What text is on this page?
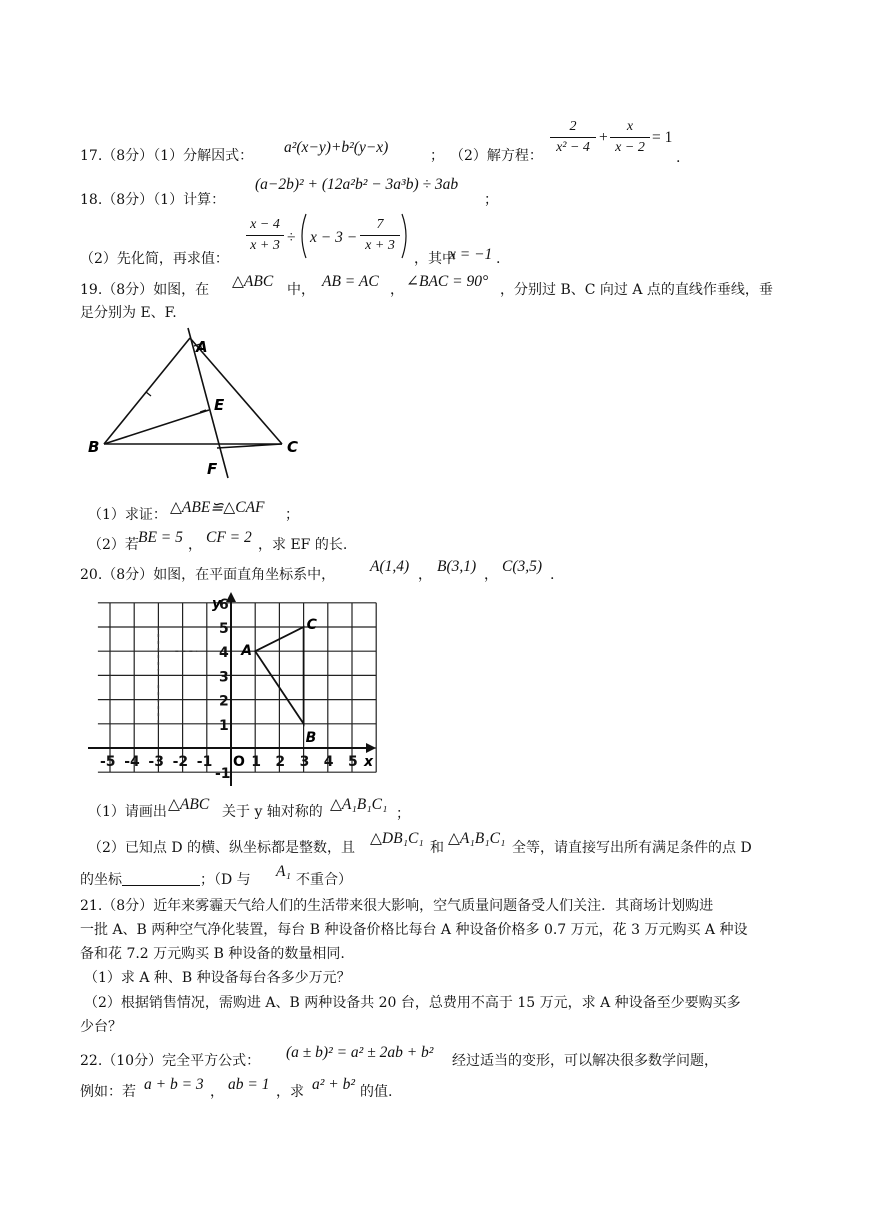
17.（8分）（1）分解因式： a²(x−y)+b²(y−x)	； （2）解方程：
2
x² − 4
+
x
x − 2
= 1
.
18.（8分）（1）计算：
(a−2b)² + (12a²b² − 3a³b) ÷ 3ab
；
（2）先化简，再求值：
x − 4
x + 3 ÷ x − 3 −
7
x + 3
，其中
x = −1 .
19.（8分）如图，在 △ABC 中， AB = AC ， ∠BAC = 90° ，分别过 B、C 向过 A 点的直线作垂线，垂
足分别为 E、F.
A
B	C
E
F
（1）求证： △ABE≌△CAF ；
（2）若 BE = 5 ， CF = 2 ，求 EF 的长.
20.（8分）如图，在平面直角坐标系中， A(1,4) ， B(3,1) ， C(3,5) .
-5 -4 -3 -2 -1	1 2 3 4 5
-1
1
2
3
4
5
6
x
y
O
A
B
C
（1）请画出 △ABC 关于 y 轴对称的 △A₁B₁C₁
；
（2）已知点 D 的横、纵坐标都是整数，且
△DB₁C₁
和
△A₁B₁C₁
全等，请直接写出所有满足条件的点 D
的坐标	；（D 与 A₁ 不重合）
21.（8分）近年来雾霾天气给人们的生活带来很大影响，空气质量问题备受人们关注．其商场计划购进
一批 A、B 两种空气净化装置，每台 B 种设备价格比每台 A 种设备价格多 0.7 万元，花 3 万元购买 A 种设
备和花 7.2 万元购买 B 种设备的数量相同.
（1）求 A 种、B 种设备每台各多少万元？
（2）根据销售情况，需购进 A、B 两种设备共 20 台，总费用不高于 15 万元，求 A 种设备至少要购买多
少台？
22.（10分）完全平方公式： (a ± b)² = a² ± 2ab + b² 经过适当的变形，可以解决很多数学问题，
例如：若 a + b = 3 ， ab = 1 ，求 a² + b² 的值.
